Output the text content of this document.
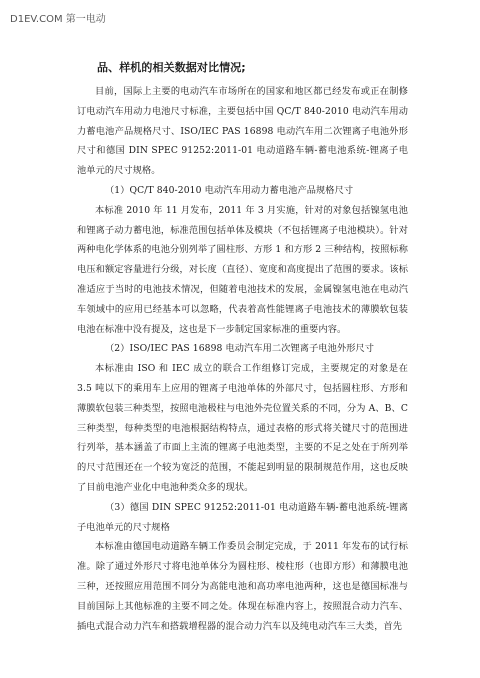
D1EV.COM 第一电动
品、样机的相关数据对比情况;

目前，国际上主要的电动汽车市场所在的国家和地区都已经发布或正在制修订电动汽车用动力电池尺寸标准，主要包括中国 QC/T 840-2010 电动汽车用动力蓄电池产品规格尺寸、ISO/IEC PAS 16898 电动汽车用二次锂离子电池外形尺寸和德国 DIN SPEC 91252:2011-01 电动道路车辆-蓄电池系统-锂离子电池单元的尺寸规格。

（1）QC/T 840-2010 电动汽车用动力蓄电池产品规格尺寸

本标准 2010 年 11 月发布，2011 年 3 月实施，针对的对象包括镍氢电池和锂离子动力蓄电池，标准范围包括单体及模块（不包括锂离子电池模块）。针对两种电化学体系的电池分别列举了圆柱形、方形 1 和方形 2 三种结构，按照标称电压和额定容量进行分级，对长度（直径）、宽度和高度提出了范围的要求。该标准适应于当时的电池技术情况，但随着电池技术的发展，金属镍氢电池在电动汽车领域中的应用已经基本可以忽略，代表着高性能锂离子电池技术的薄膜软包装电池在标准中没有提及，这也是下一步制定国家标准的重要内容。

（2）ISO/IEC PAS 16898 电动汽车用二次锂离子电池外形尺寸

本标准由 ISO 和 IEC 成立的联合工作组修订完成，主要规定的对象是在 3.5 吨以下的乘用车上应用的锂离子电池单体的外部尺寸，包括圆柱形、方形和薄膜软包装三种类型，按照电池极柱与电池外壳位置关系的不同，分为 A、B、C 三种类型，每种类型的电池根据结构特点，通过表格的形式将关键尺寸的范围进行列举，基本涵盖了市面上主流的锂离子电池类型，主要的不足之处在于所列举的尺寸范围还在一个较为宽泛的范围，不能起到明显的限制规范作用，这也反映了目前电池产业化中电池种类众多的现状。

（3）德国 DIN SPEC 91252:2011-01 电动道路车辆-蓄电池系统-锂离子电池单元的尺寸规格

本标准由德国电动道路车辆工作委员会制定完成，于 2011 年发布的试行标准。除了通过外形尺寸将电池单体分为圆柱形、棱柱形（也即方形）和薄膜电池三种，还按照应用范围不同分为高能电池和高功率电池两种，这也是德国标准与目前国际上其他标准的主要不同之处。体现在标准内容上，按照混合动力汽车、插电式混合动力汽车和搭载增程器的混合动力汽车以及纯电动汽车三大类，首先
